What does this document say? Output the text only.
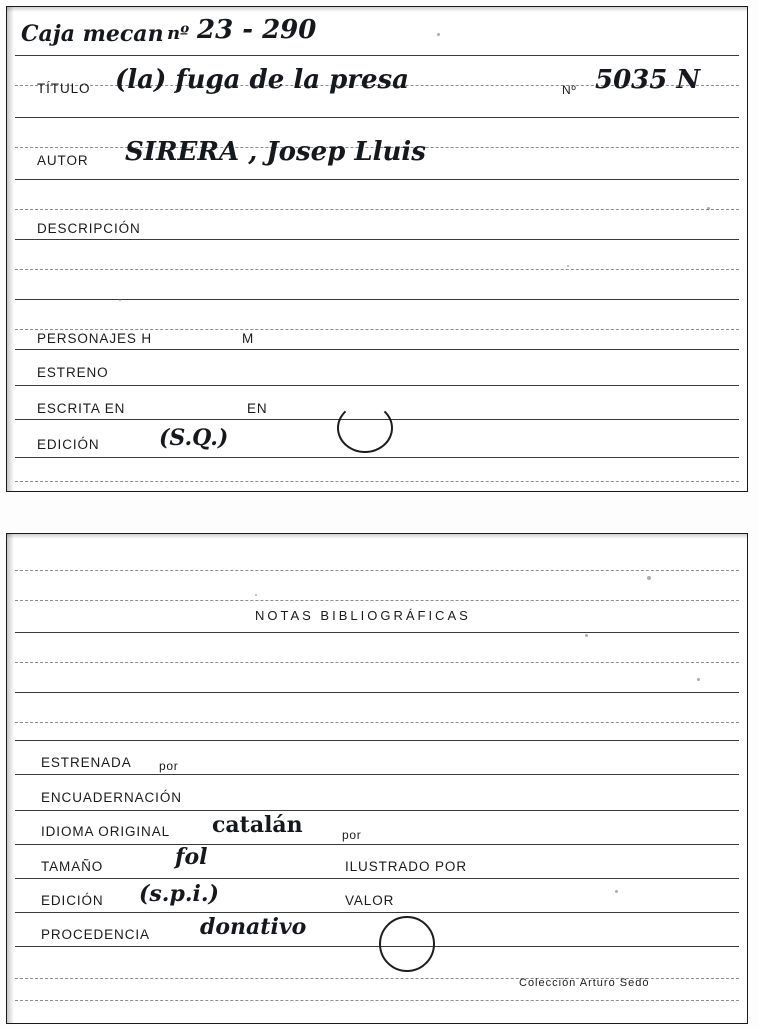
Caja mecan nº 23 - 290
TÍTULO (la) fuga de la presa	Nº 5035 N
AUTOR SIRERA , Josep Lluis
DESCRIPCIÓN
PERSONAJES H	M
ESTRENO
ESCRITA EN	EN
EDICIÓN	(S.Q.)
NOTAS BIBLIOGRÁFICAS
ESTRENADA por
ENCUADERNACIÓN
IDIOMA ORIGINAL catalán	por
TAMAÑO	fol	ILUSTRADO POR
EDICIÓN (s.p.i.)	VALOR
PROCEDENCIA donativo
Colección Arturo Sedó
